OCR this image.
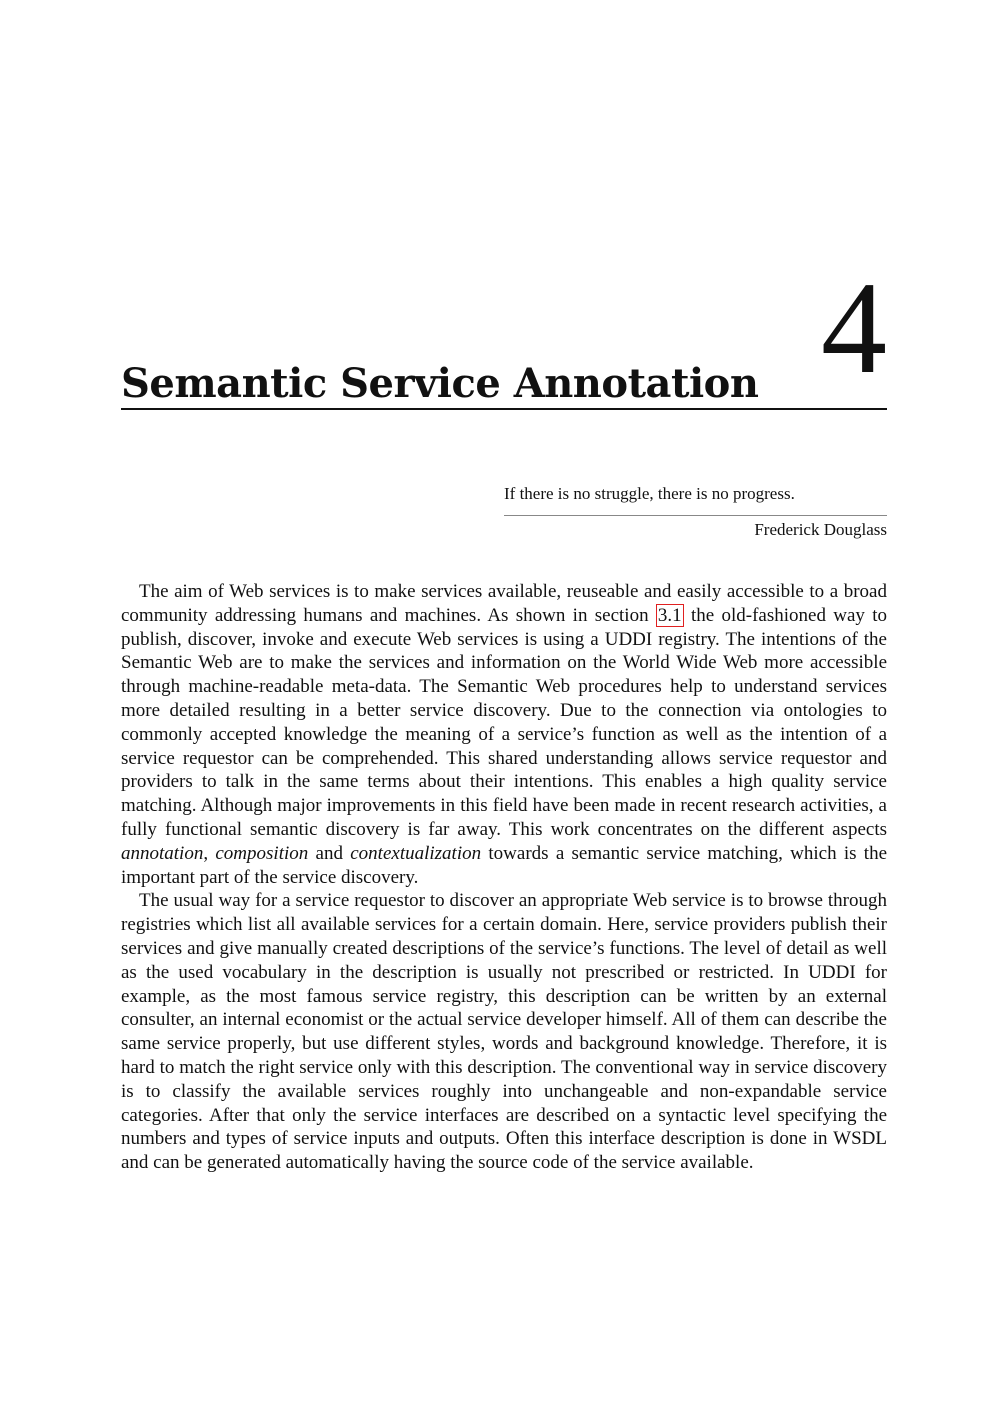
Semantic Service Annotation 4

If there is no struggle, there is no progress.

Frederick Douglass

The aim of Web services is to make services available, reuseable and easily accessible to a broad community addressing humans and machines. As shown in section 3.1 the old-fashioned way to publish, discover, invoke and execute Web services is using a UDDI registry. The intentions of the Semantic Web are to make the services and information on the World Wide Web more accessible through machine-readable meta-data. The Semantic Web procedures help to understand services more detailed resulting in a better service discovery. Due to the connection via ontologies to commonly accepted knowledge the meaning of a service’s function as well as the intention of a service requestor can be comprehended. This shared understanding allows service requestor and providers to talk in the same terms about their intentions. This enables a high quality service matching. Although major improvements in this field have been made in recent research activities, a fully functional semantic discovery is far away. This work concentrates on the different aspects annotation, composition and contextualization towards a semantic service matching, which is the important part of the service discovery.

The usual way for a service requestor to discover an appropriate Web service is to browse through registries which list all available services for a certain domain. Here, service providers publish their services and give manually created descriptions of the service’s functions. The level of detail as well as the used vocabulary in the description is usually not prescribed or restricted. In UDDI for example, as the most famous service registry, this description can be written by an external consulter, an internal economist or the actual service developer himself. All of them can describe the same service properly, but use different styles, words and background knowledge. Therefore, it is hard to match the right service only with this description. The conventional way in service discovery is to classify the available services roughly into unchangeable and non-expandable service categories. After that only the service interfaces are described on a syntactic level specifying the numbers and types of service inputs and outputs. Often this interface description is done in WSDL and can be generated automatically having the source code of the service available.
